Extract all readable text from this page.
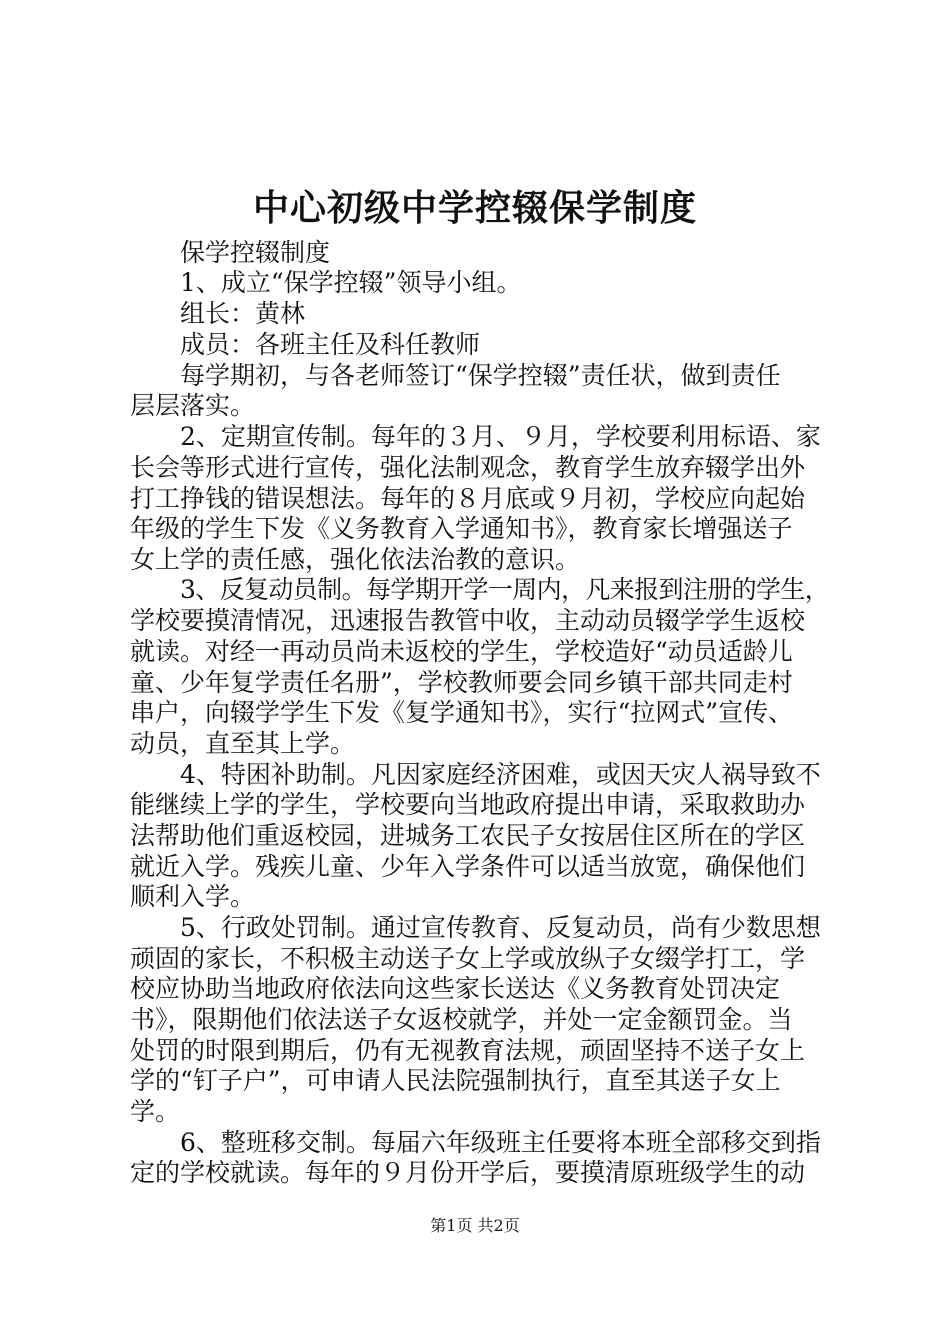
中心初级中学控辍保学制度

保学控辍制度

1、成立“保学控辍”领导小组。

组长：黄林

成员：各班主任及科任教师

每学期初，与各老师签订“保学控辍”责任状，做到责任

层层落实。

2、定期宣传制。每年的３月、９月，学校要利用标语、家

长会等形式进行宣传，强化法制观念，教育学生放弃辍学出外

打工挣钱的错误想法。每年的８月底或９月初，学校应向起始

年级的学生下发《义务教育入学通知书》，教育家长增强送子

女上学的责任感，强化依法治教的意识。

3、反复动员制。每学期开学一周内，凡来报到注册的学生，

学校要摸清情况，迅速报告教管中收，主动动员辍学学生返校

就读。对经一再动员尚未返校的学生，学校造好“动员适龄儿

童、少年复学责任名册”，学校教师要会同乡镇干部共同走村

串户，向辍学学生下发《复学通知书》，实行“拉网式”宣传、

动员，直至其上学。

4、特困补助制。凡因家庭经济困难，或因天灾人祸导致不

能继续上学的学生，学校要向当地政府提出申请，采取救助办

法帮助他们重返校园，进城务工农民子女按居住区所在的学区

就近入学。残疾儿童、少年入学条件可以适当放宽，确保他们

顺利入学。

5、行政处罚制。通过宣传教育、反复动员，尚有少数思想

顽固的家长，不积极主动送子女上学或放纵子女缀学打工，学

校应协助当地政府依法向这些家长送达《义务教育处罚决定

书》，限期他们依法送子女返校就学，并处一定金额罚金。当

处罚的时限到期后，仍有无视教育法规，顽固坚持不送子女上

学的“钉子户”，可申请人民法院强制执行，直至其送子女上

学。

6、整班移交制。每届六年级班主任要将本班全部移交到指

定的学校就读。每年的９月份开学后，要摸清原班级学生的动

第1页 共2页
